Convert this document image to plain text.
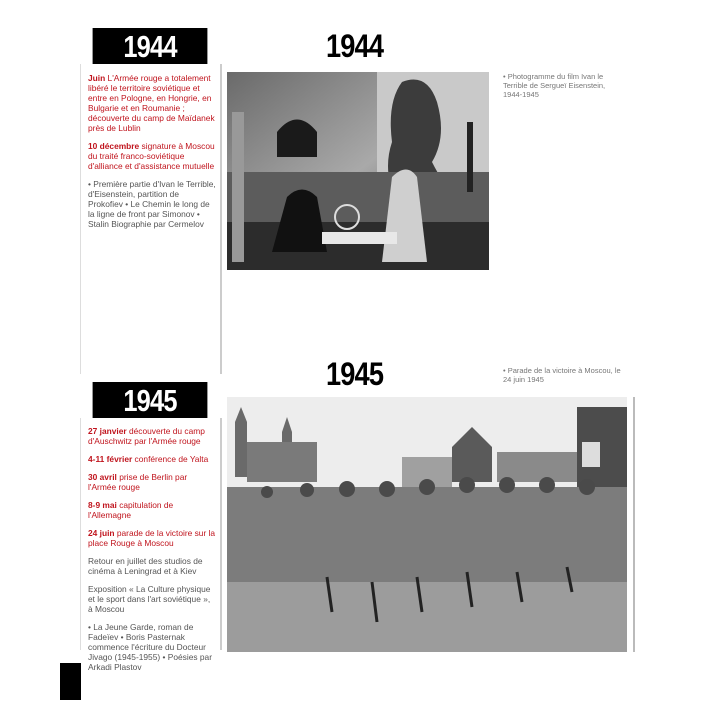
1944	1944
Juin L'Armée rouge a totalement libéré le territoire soviétique et entre en Pologne, en Hongrie, en Bulgarie et en Roumanie ; découverte du camp de Maïdanek près de Lublin
10 décembre signature à Moscou du traité franco-soviétique d'alliance et d'assistance mutuelle
• Première partie d'Ivan le Terrible, d'Eisenstein, partition de Prokofiev • Le Chemin le long de la ligne de front par Simonov • Stalin Biographie par Cermelov
• Photogramme du film Ivan le Terrible de Sergueï Eisenstein, 1944-1945
1945	• Parade de la victoire à Moscou, le 24 juin 1945
1945
27 janvier découverte du camp d'Auschwitz par l'Armée rouge
4-11 février conférence de Yalta
30 avril prise de Berlin par l'Armée rouge
8-9 mai capitulation de l'Allemagne
24 juin parade de la victoire sur la place Rouge à Moscou
Retour en juillet des studios de cinéma à Leningrad et à Kiev
Exposition « La Culture physique et le sport dans l'art soviétique », à Moscou
• La Jeune Garde, roman de Fadeïev • Boris Pasternak commence l'écriture du Docteur Jivago (1945-1955) • Poésies par Arkadi Plastov
